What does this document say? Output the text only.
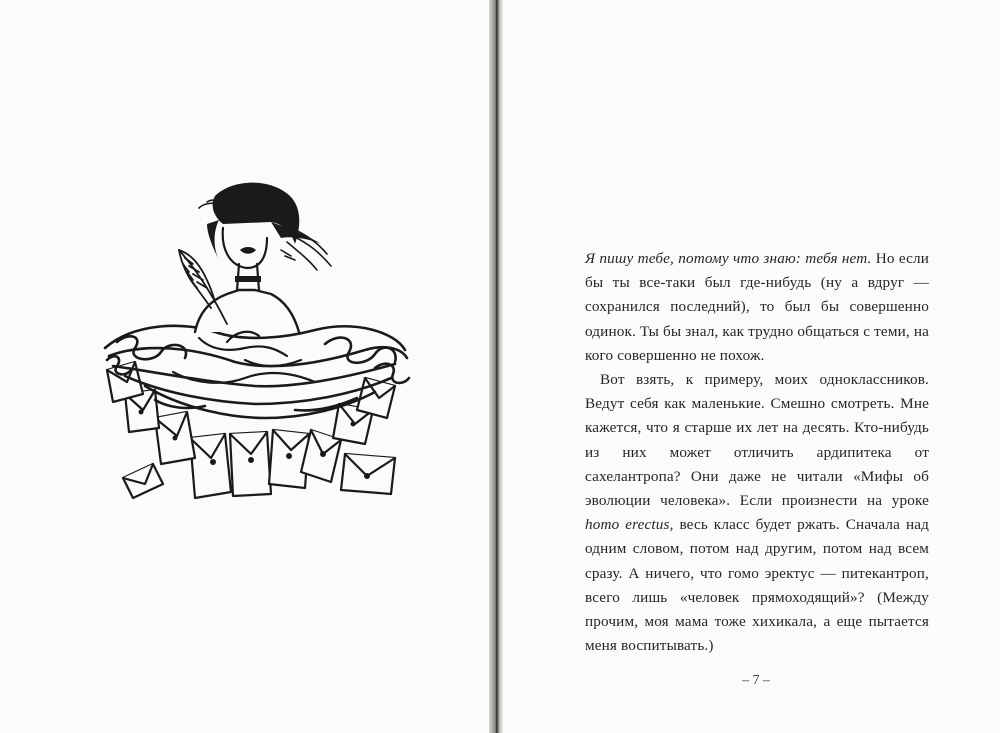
Я пишу тебе, потому что знаю: тебя нет. Но если бы ты все-таки был где-нибудь (ну а вдруг — сохранился последний), то был бы совершенно одинок. Ты бы знал, как трудно общаться с теми, на кого совершенно не похож.

Вот взять, к примеру, моих одноклассников. Ведут себя как маленькие. Смешно смотреть. Мне кажется, что я старше их лет на десять. Кто-нибудь из них может отличить ардипитека от сахелантропа? Они даже не читали «Мифы об эволюции человека». Если произнести на уроке homo erectus, весь класс будет ржать. Сначала над одним словом, потом над другим, потом над всем сразу. А ничего, что гомо эректус — питекантроп, всего лишь «человек прямоходящий»? (Между прочим, моя мама тоже хихикала, а еще пытается меня воспитывать.)

– 7 –
